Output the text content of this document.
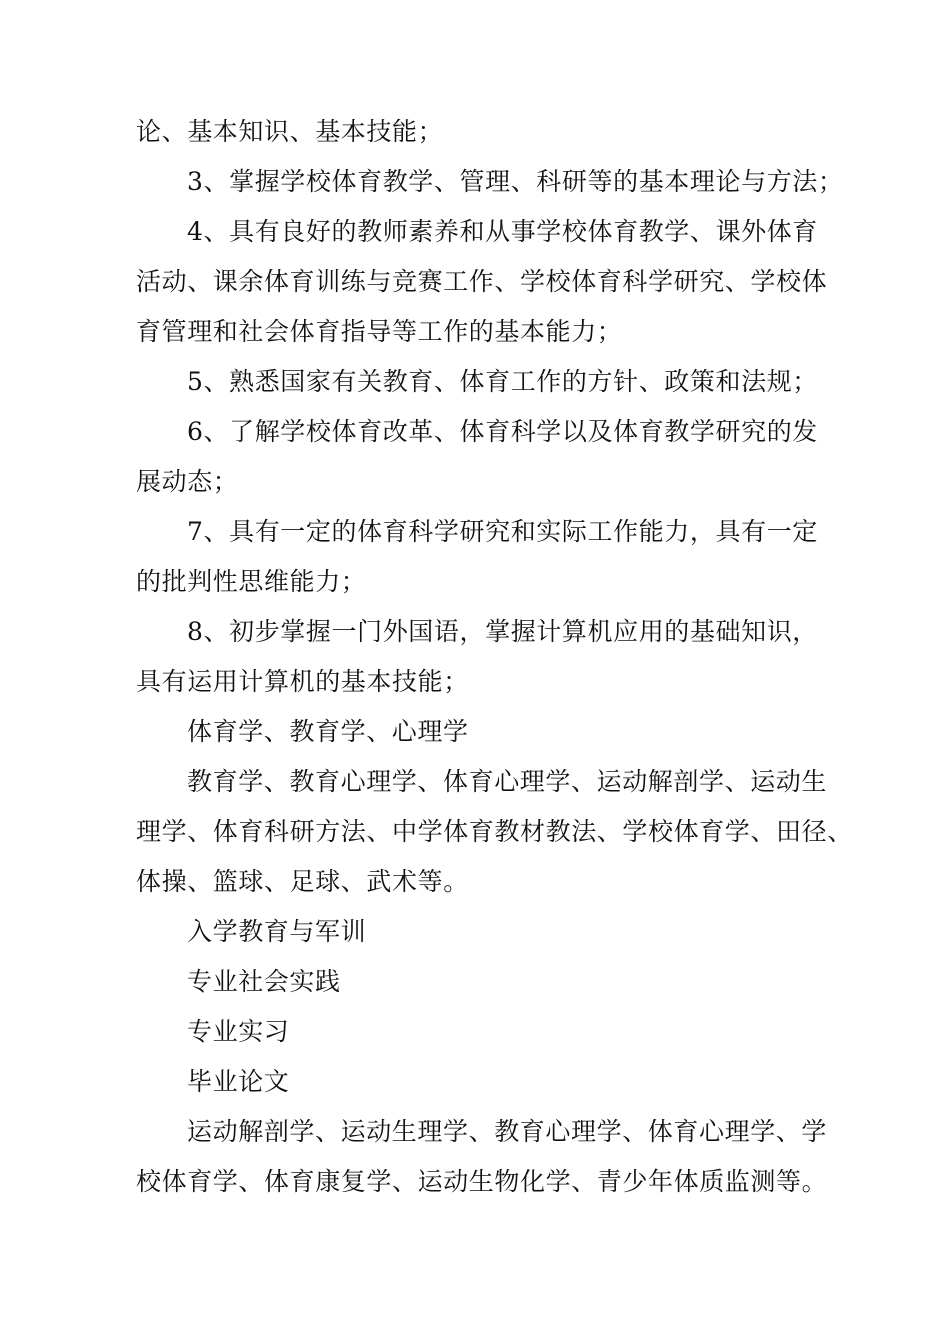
论、基本知识、基本技能；
3、掌握学校体育教学、管理、科研等的基本理论与方法；
4、具有良好的教师素养和从事学校体育教学、课外体育
活动、课余体育训练与竞赛工作、学校体育科学研究、学校体
育管理和社会体育指导等工作的基本能力；
5、熟悉国家有关教育、体育工作的方针、政策和法规；
6、了解学校体育改革、体育科学以及体育教学研究的发
展动态；
7、具有一定的体育科学研究和实际工作能力，具有一定
的批判性思维能力；
8、初步掌握一门外国语，掌握计算机应用的基础知识，
具有运用计算机的基本技能；
体育学、教育学、心理学
教育学、教育心理学、体育心理学、运动解剖学、运动生
理学、体育科研方法、中学体育教材教法、学校体育学、田径、
体操、篮球、足球、武术等。
入学教育与军训
专业社会实践
专业实习
毕业论文
运动解剖学、运动生理学、教育心理学、体育心理学、学
校体育学、体育康复学、运动生物化学、青少年体质监测等。
